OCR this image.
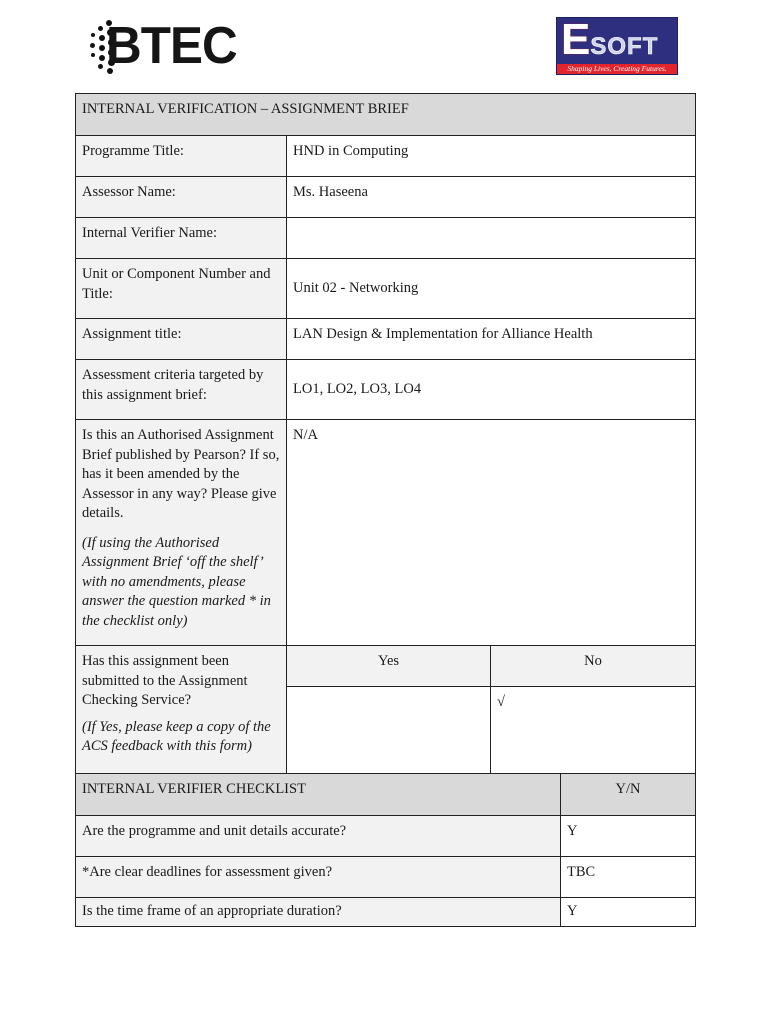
BTEC	ESOFT
Shaping Lives, Creating Futures.
INTERNAL VERIFICATION – ASSIGNMENT BRIEF			
Programme Title:	HND in Computing		
Assessor Name:	Ms. Haseena		
Internal Verifier Name:			
Unit or Component Number and Title:	Unit 02 - Networking		
Assignment title:	LAN Design & Implementation for Alliance Health		
Assessment criteria targeted by this assignment brief:	LO1, LO2, LO3, LO4		

Is this an Authorised Assignment Brief published by Pearson? If so, has it been amended by the Assessor in any way? Please give details.
(If using the Authorised Assignment Brief ‘off the shelf’ with no amendments, please answer the question marked * in the checklist only)	N/A		

Has this assignment been submitted to the Assignment Checking Service?
(If Yes, please keep a copy of the ACS feedback with this form)	Yes	No	
		√	
INTERNAL VERIFIER CHECKLIST			Y/N
Are the programme and unit details accurate?			Y
*Are clear deadlines for assessment given?			TBC
Is the time frame of an appropriate duration?			Y
